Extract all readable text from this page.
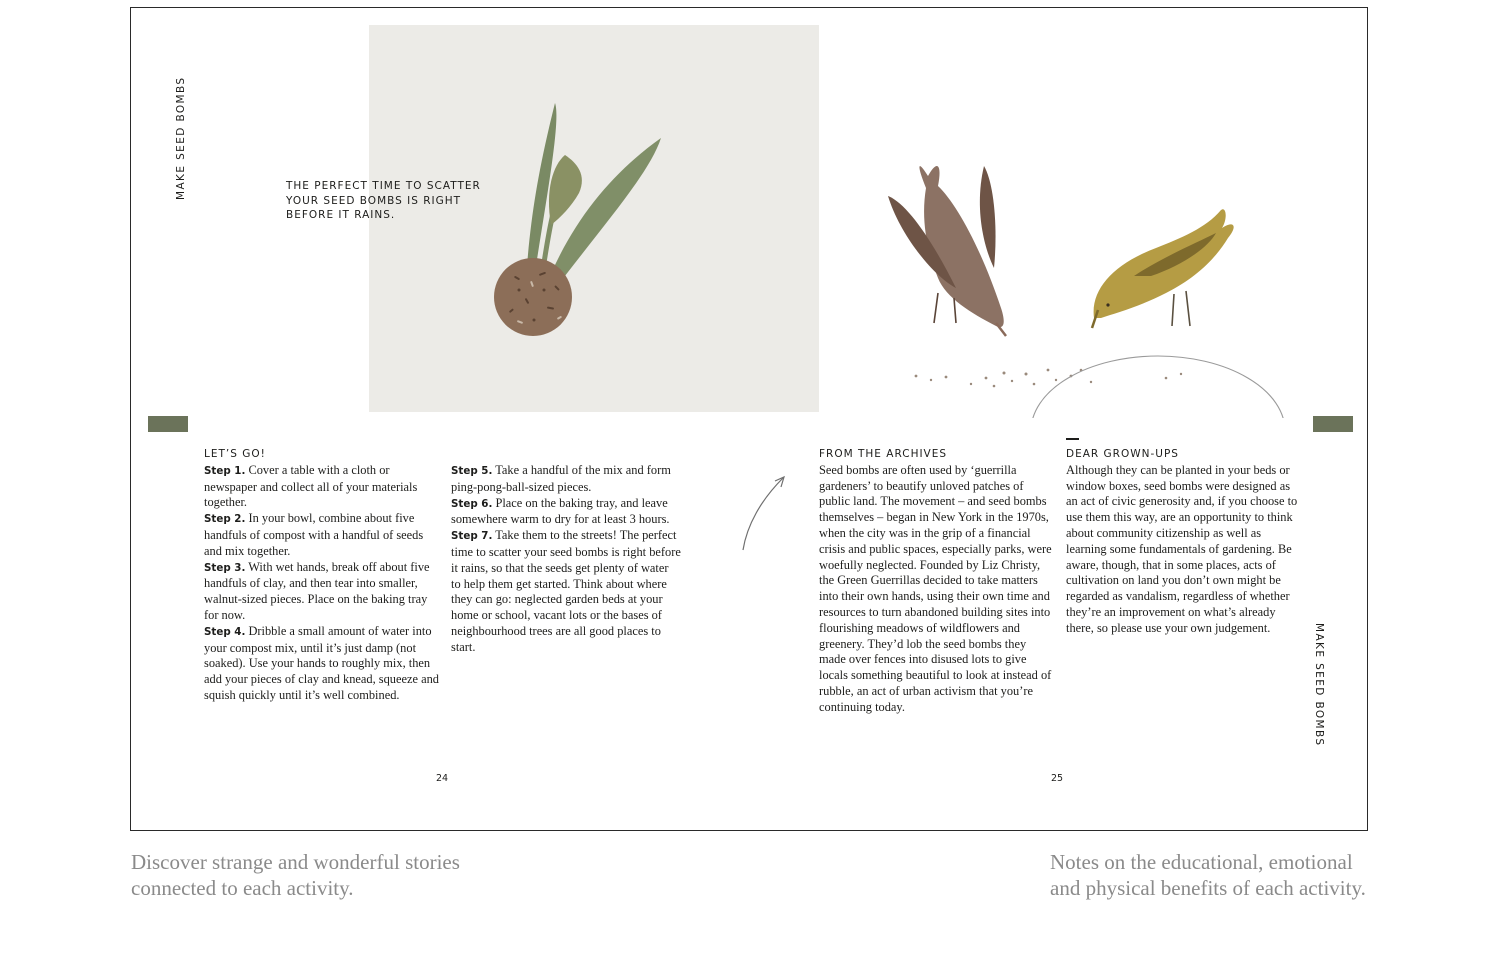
MAKE SEED BOMBS	THE PERFECT TIME TO SCATTER YOUR SEED BOMBS IS RIGHT BEFORE IT RAINS.
LET’S GO!

Step 1. Cover a table with a cloth or newspaper and collect all of your materials together.

Step 2. In your bowl, combine about five handfuls of compost with a handful of seeds and mix together.

Step 3. With wet hands, break off about five handfuls of clay, and then tear into smaller, walnut-sized pieces. Place on the baking tray for now.

Step 4. Dribble a small amount of water into your compost mix, until it’s just damp (not soaked). Use your hands to roughly mix, then add your pieces of clay and knead, squeeze and squish quickly until it’s well combined.

Step 5. Take a handful of the mix and form ping-pong-ball-sized pieces.

Step 6. Place on the baking tray, and leave somewhere warm to dry for at least 3 hours.

Step 7. Take them to the streets! The perfect time to scatter your seed bombs is right before it rains, so that the seeds get plenty of water to help them get started. Think about where they can go: neglected garden beds at your home or school, vacant lots or the bases of neighbourhood trees are all good places to start.

24
FROM THE ARCHIVES

Seed bombs are often used by ‘guerrilla gardeners’ to beautify unloved patches of public land. The movement – and seed bombs themselves – began in New York in the 1970s, when the city was in the grip of a financial crisis and public spaces, especially parks, were woefully neglected. Founded by Liz Christy, the Green Guerrillas decided to take matters into their own hands, using their own time and resources to turn abandoned building sites into flourishing meadows of wildflowers and greenery. They’d lob the seed bombs they made over fences into disused lots to give locals something beautiful to look at instead of rubble, an act of urban activism that you’re continuing today.

DEAR GROWN-UPS

Although they can be planted in your beds or window boxes, seed bombs were designed as an act of civic generosity and, if you choose to use them this way, are an opportunity to think about community citizenship as well as learning some fundamentals of gardening. Be aware, though, that in some places, acts of cultivation on land you don’t own might be regarded as vandalism, regardless of whether they’re an improvement on what’s already there, so please use your own judgement.

25
MAKE SEED BOMBS
Discover strange and wonderful stories connected to each activity.
Notes on the educational, emotional and physical benefits of each activity.
